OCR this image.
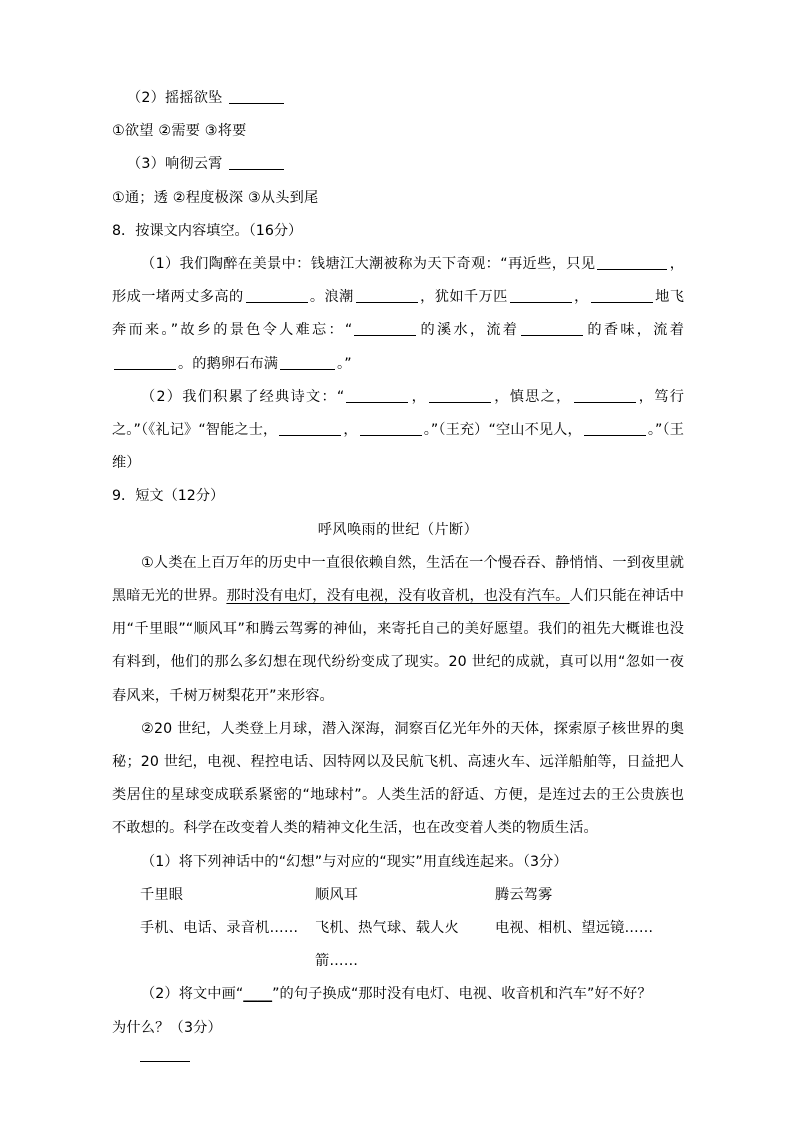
（2）摇摇欲坠
①欲望 ②需要 ③将要
（3）响彻云霄
①通；透 ②程度极深 ③从头到尾
8．按课文内容填空。（16分）
（1）我们陶醉在美景中：钱塘江大潮被称为天下奇观：“再近些，只见	，形成一堵两丈多高的	。浪潮	，犹如千万匹	，	地飞奔而来。”故乡的景色令人难忘：“	的溪水，流着	的香味，流着。的鹅卵石布满	。”
（2）我们积累了经典诗文：“	，	，慎思之，	，笃行之。”（《礼记》“智能之士，	，	。”（王充）“空山不见人，	。”（王维）
9．短文（12分）
呼风唤雨的世纪（片断）
①人类在上百万年的历史中一直很依赖自然，生活在一个慢吞吞、静悄悄、一到夜里就黑暗无光的世界。那时没有电灯，没有电视，没有收音机，也没有汽车。人们只能在神话中用“千里眼”“顺风耳”和腾云驾雾的神仙，来寄托自己的美好愿望。我们的祖先大概谁也没有料到，他们的那么多幻想在现代纷纷变成了现实。20 世纪的成就，真可以用“忽如一夜春风来，千树万树梨花开”来形容。
②20 世纪，人类登上月球，潜入深海，洞察百亿光年外的天体，探索原子核世界的奥秘；20 世纪，电视、程控电话、因特网以及民航飞机、高速火车、远洋船舶等，日益把人类居住的星球变成联系紧密的“地球村”。人类生活的舒适、方便，是连过去的王公贵族也不敢想的。科学在改变着人类的精神文化生活，也在改变着人类的物质生活。
（1）将下列神话中的“幻想”与对应的“现实”用直线连起来。（3分）
千里眼	顺风耳	腾云驾雾
手机、电话、录音机……	飞机、热气球、载人火	电视、相机、望远镜……
箭……
（2）将文中画“____”的句子换成“那时没有电灯、电视、收音机和汽车”好不好？
为什么？（3分）
